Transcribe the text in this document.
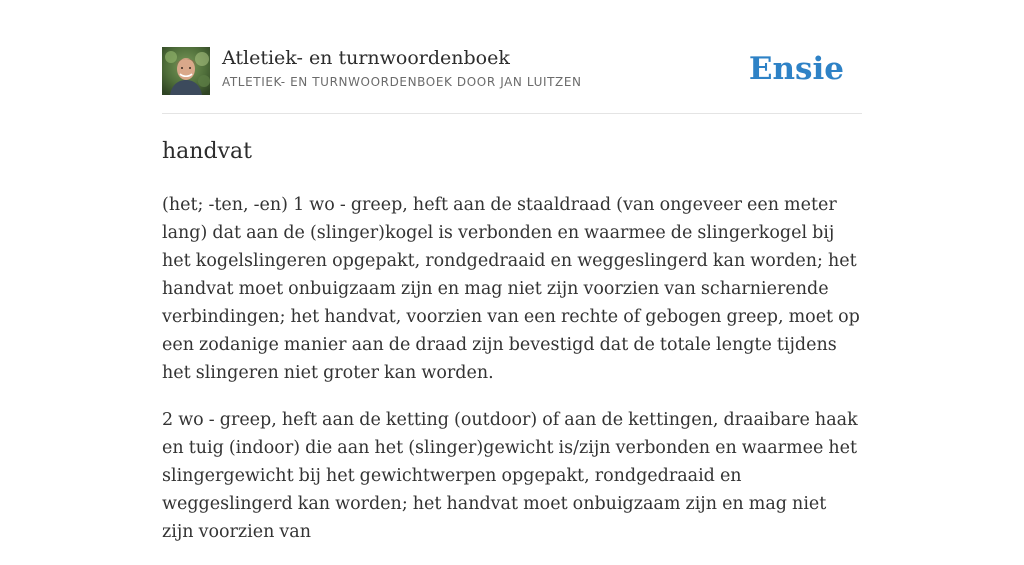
Atletiek- en turnwoordenboek
ATLETIEK- EN TURNWOORDENBOEK DOOR JAN LUITZEN	Ensie
handvat

(het; -ten, -en) 1 wo - greep, heft aan de staaldraad (van ongeveer een meter lang) dat aan de (slinger)kogel is verbonden en waarmee de slingerkogel bij het kogelslingeren opgepakt, rondgedraaid en weggeslingerd kan worden; het handvat moet onbuigzaam zijn en mag niet zijn voorzien van scharnierende verbindingen; het handvat, voorzien van een rechte of gebogen greep, moet op een zodanige manier aan de draad zijn bevestigd dat de totale lengte tijdens het slingeren niet groter kan worden.

2 wo - greep, heft aan de ketting (outdoor) of aan de kettingen, draaibare haak en tuig (indoor) die aan het (slinger)gewicht is/zijn verbonden en waarmee het slingergewicht bij het gewichtwerpen opgepakt, rondgedraaid en weggeslingerd kan worden; het handvat moet onbuigzaam zijn en mag niet zijn voorzien van
